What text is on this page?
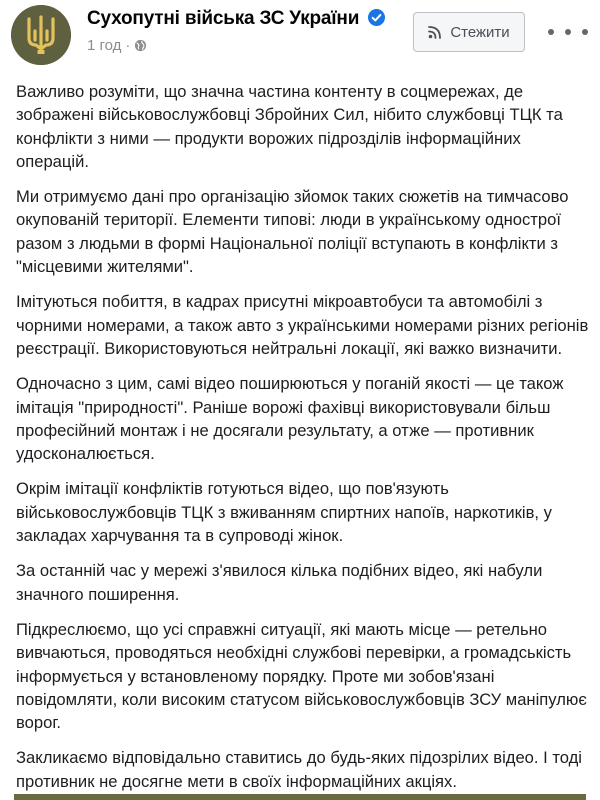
Сухопутні війська ЗС України
1 год ·
Стежити

Важливо розуміти, що значна частина контенту в соцмережах, де зображені військовослужбовці Збройних Сил, нібито службовці ТЦК та конфлікти з ними — продукти ворожих підрозділів інформаційних операцій.

Ми отримуємо дані про організацію зйомок таких сюжетів на тимчасово окупованій території. Елементи типові: люди в українському однострої разом з людьми в формі Національної поліції вступають в конфлікти з "місцевими жителями".

Імітуються побиття, в кадрах присутні мікроавтобуси та автомобілі з чорними номерами, а також авто з українськими номерами різних регіонів реєстрації. Використовуються нейтральні локації, які важко визначити.

Одночасно з цим, самі відео поширюються у поганій якості — це також імітація "природності". Раніше ворожі фахівці використовували більш професійний монтаж і не досягали результату, а отже — противник удосконалюється.

Окрім імітації конфліктів готуються відео, що пов'язують військовослужбовців ТЦК з вживанням спиртних напоїв, наркотиків, у закладах харчування та в супроводі жінок.

За останній час у мережі з'явилося кілька подібних відео, які набули значного поширення.

Підкреслюємо, що усі справжні ситуації, які мають місце — ретельно вивчаються, проводяться необхідні службові перевірки, а громадськість інформується у встановленому порядку. Проте ми зобов'язані повідомляти, коли високим статусом військовослужбовців ЗСУ маніпулює ворог.

Закликаємо відповідально ставитись до будь-яких підозрілих відео. І тоді противник не досягне мети в своїх інформаційних акціях.
